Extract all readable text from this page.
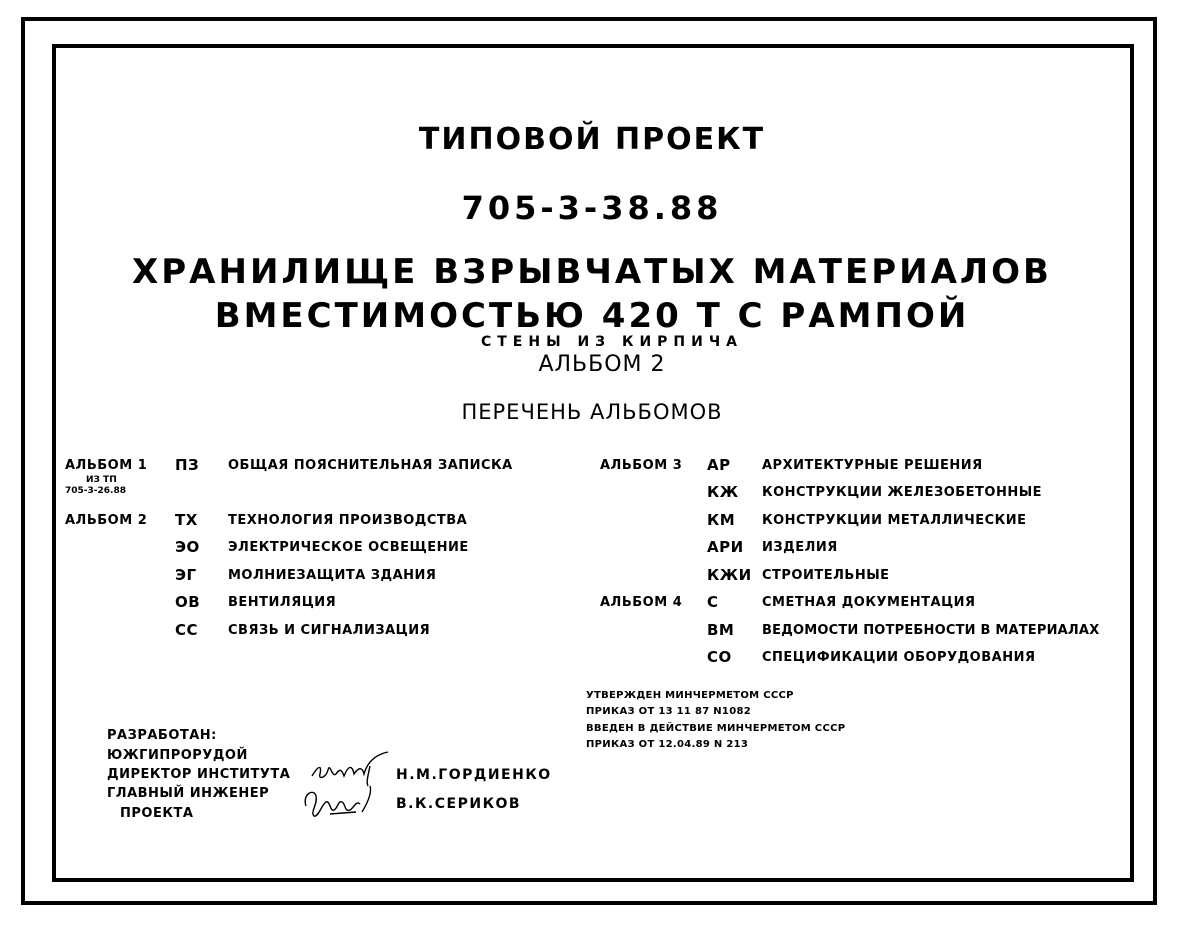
ТИПОВОЙ ПРОЕКТ
705-3-38.88
ХРАНИЛИЩЕ ВЗРЫВЧАТЫХ МАТЕРИАЛОВ
ВМЕСТИМОСТЬЮ 420 Т С РАМПОЙ
СТЕНЫ ИЗ КИРПИЧА
АЛЬБОМ 2
ПЕРЕЧЕНЬ АЛЬБОМОВ
АЛЬБОМ 1 ПЗ ОБЩАЯ ПОЯСНИТЕЛЬНАЯ ЗАПИСКА
ИЗ ТП
705-3-26.88
АЛЬБОМ 2 ТХ ТЕХНОЛОГИЯ ПРОИЗВОДСТВА
ЭО ЭЛЕКТРИЧЕСКОЕ ОСВЕЩЕНИЕ
ЭГ МОЛНИЕЗАЩИТА ЗДАНИЯ
ОВ ВЕНТИЛЯЦИЯ
СС СВЯЗЬ И СИГНАЛИЗАЦИЯ
АЛЬБОМ 3 АР АРХИТЕКТУРНЫЕ РЕШЕНИЯ
КЖ КОНСТРУКЦИИ ЖЕЛЕЗОБЕТОННЫЕ
КМ КОНСТРУКЦИИ МЕТАЛЛИЧЕСКИЕ
АРИ ИЗДЕЛИЯ
КЖИ СТРОИТЕЛЬНЫЕ
АЛЬБОМ 4 С	СМЕТНАЯ ДОКУМЕНТАЦИЯ
ВМ ВЕДОМОСТИ ПОТРЕБНОСТИ В МАТЕРИАЛАХ
СО СПЕЦИФИКАЦИИ ОБОРУДОВАНИЯ
УТВЕРЖДЕН МИНЧЕРМЕТОМ СССР
ПРИКАЗ ОТ 13 11 87 N1082
ВВЕДЕН В ДЕЙСТВИЕ МИНЧЕРМЕТОМ СССР
ПРИКАЗ ОТ 12.04.89 N 213
РАЗРАБОТАН:
ЮЖГИПРОРУДОЙ
ДИРЕКТОР ИНСТИТУТА	Н.М.ГОРДИЕНКО
ГЛАВНЫЙ ИНЖЕНЕР
ПРОЕКТА
В.К.СЕРИКОВ
